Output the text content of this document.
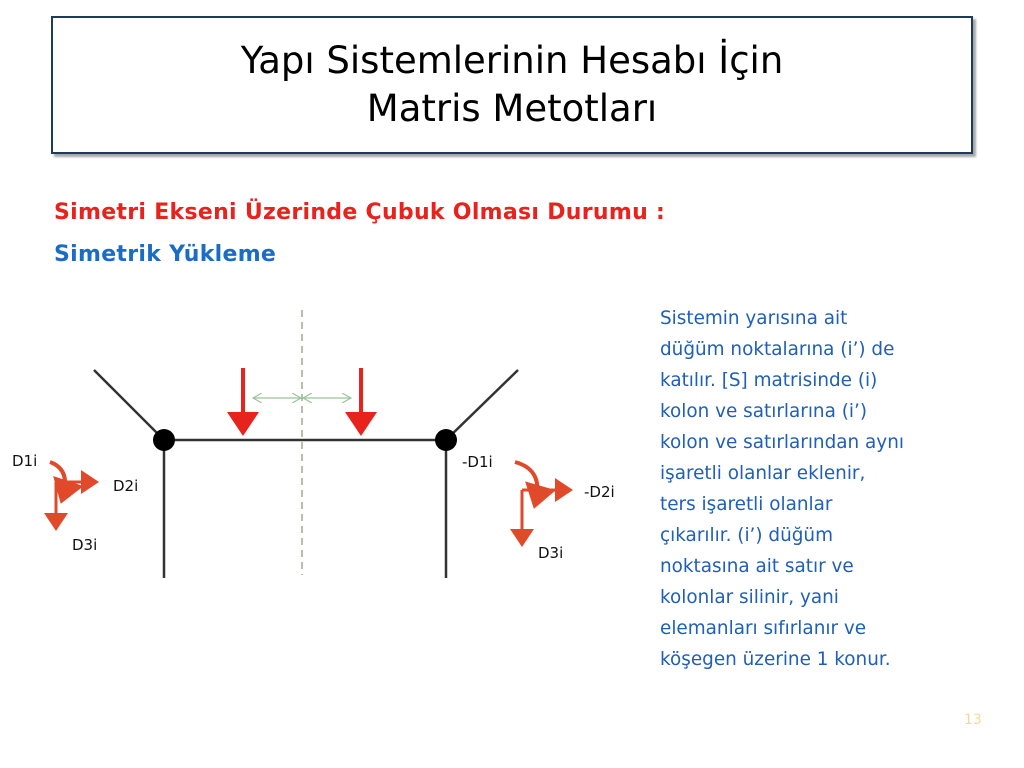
Yapı Sistemlerinin Hesabı İçin
Matris Metotları
Simetri Ekseni Üzerinde Çubuk Olması Durumu :
Simetrik Yükleme
D1i
D2i
D3i
-D1i
-D2i
D3i
Sistemin yarısına ait
düğüm noktalarına (i’) de
katılır. [S] matrisinde (i)
kolon ve satırlarına (i’)
kolon ve satırlarından aynı
işaretli olanlar eklenir,
ters işaretli olanlar
çıkarılır. (i’) düğüm
noktasına ait satır ve
kolonlar silinir, yani
elemanları sıfırlanır ve
köşegen üzerine 1 konur.
13
